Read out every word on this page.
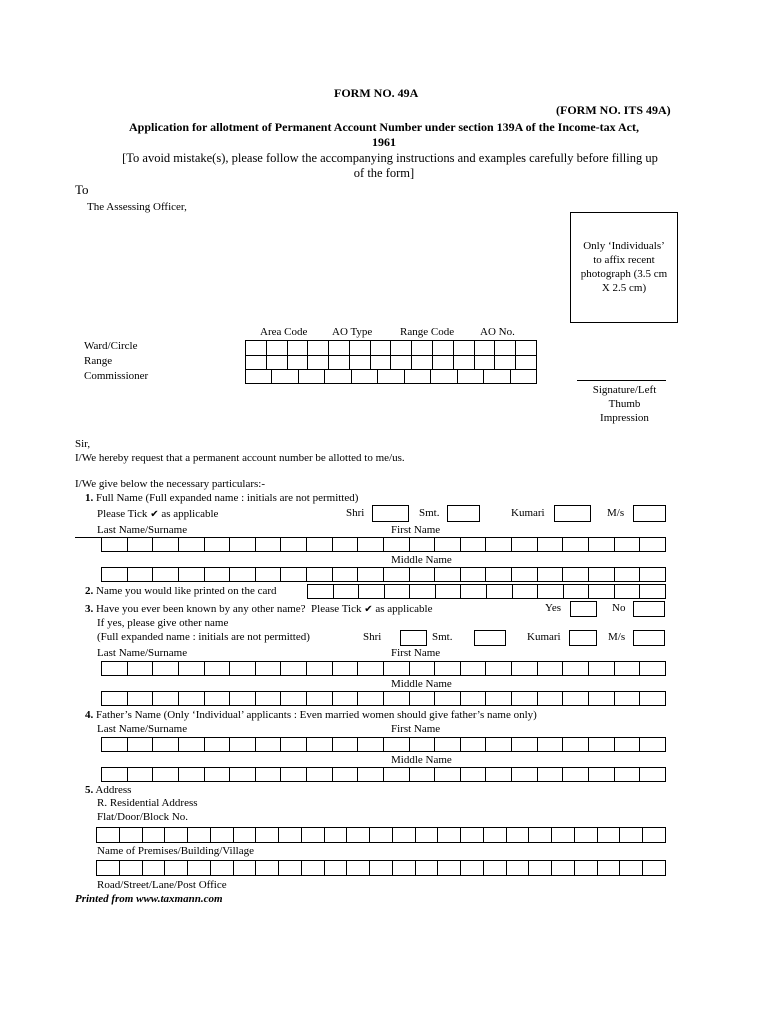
FORM NO. 49A
(FORM NO. ITS 49A)
Application for allotment of Permanent Account Number under section 139A of the Income-tax Act,
1961
[To avoid mistake(s), please follow the accompanying instructions and examples carefully before filling up
of the form]
To
The Assessing Officer,
Only ‘Individuals’
to affix recent
photograph (3.5 cm
X 2.5 cm)
Area Code AO Type	Range Code AO No.
Ward/Circle
Range
Commissioner
Signature/Left
Thumb
Impression
Sir,
I/We hereby request that a permanent account number be allotted to me/us.
I/We give below the necessary particulars:-
1. Full Name (Full expanded name : initials are not permitted)
Please Tick ✔ as applicable	Shri	Smt.	Kumari	M/s
Last Name/Surname	First Name
Middle Name
2. Name you would like printed on the card
3. Have you ever been known by any other name? Please Tick ✔ as applicable	Yes	No
If yes, please give other name
(Full expanded name : initials are not permitted)	Shri	Smt.	Kumari	M/s
Last Name/Surname	First Name
Middle Name
4. Father’s Name (Only ‘Individual’ applicants : Even married women should give father’s name only)
Last Name/Surname	First Name
Middle Name
5. Address
R. Residential Address
Flat/Door/Block No.
Name of Premises/Building/Village
Road/Street/Lane/Post Office
Printed from www.taxmann.com
